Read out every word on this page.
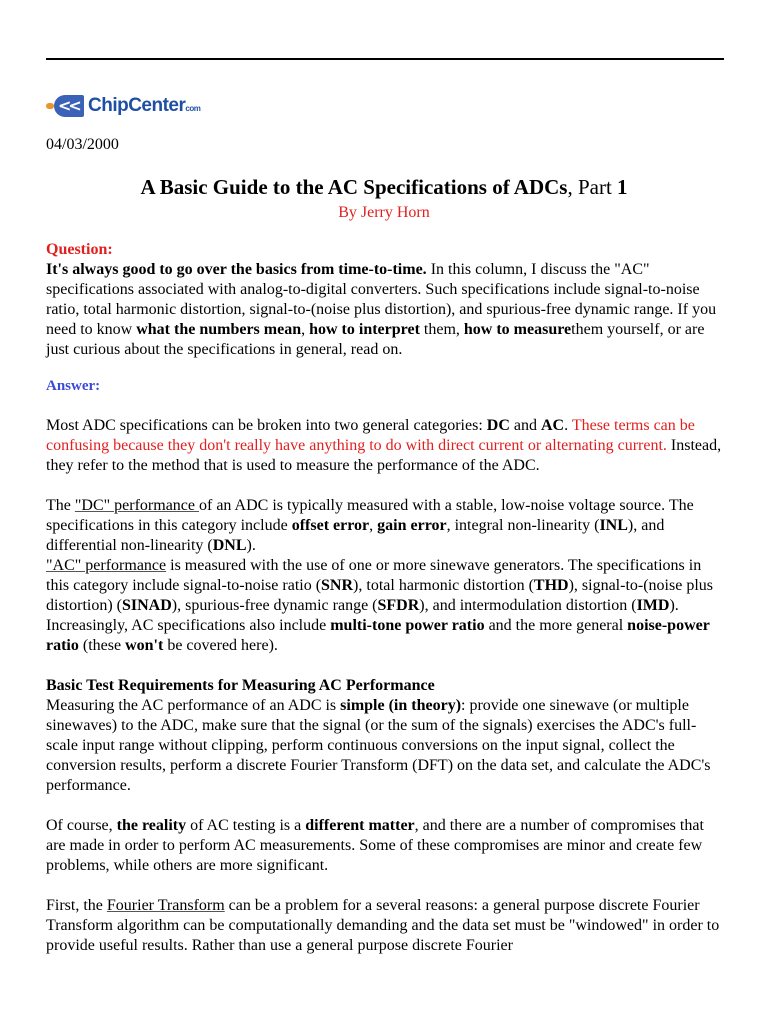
<< ChipCentercom
04/03/2000
A Basic Guide to the AC Specifications of ADCs, Part 1
By Jerry Horn

Question:

It's always good to go over the basics from time-to-time. In this column, I discuss the "AC" specifications associated with analog-to-digital converters. Such specifications include signal-to-noise ratio, total harmonic distortion, signal-to-(noise plus distortion), and spurious-free dynamic range. If you need to know what the numbers mean, how to interpret them, how to measurethem yourself, or are just curious about the specifications in general, read on.

Answer:

Most ADC specifications can be broken into two general categories: DC and AC. These terms can be confusing because they don't really have anything to do with direct current or alternating current. Instead, they refer to the method that is used to measure the performance of the ADC.

The "DC" performance of an ADC is typically measured with a stable, low-noise voltage source. The specifications in this category include offset error, gain error, integral non-linearity (INL), and differential non-linearity (DNL).

"AC" performance is measured with the use of one or more sinewave generators. The specifications in this category include signal-to-noise ratio (SNR), total harmonic distortion (THD), signal-to-(noise plus distortion) (SINAD), spurious-free dynamic range (SFDR), and intermodulation distortion (IMD).

Increasingly, AC specifications also include multi-tone power ratio and the more general noise-power ratio (these won't be covered here).

Basic Test Requirements for Measuring AC Performance

Measuring the AC performance of an ADC is simple (in theory): provide one sinewave (or multiple sinewaves) to the ADC, make sure that the signal (or the sum of the signals) exercises the ADC's full-scale input range without clipping, perform continuous conversions on the input signal, collect the conversion results, perform a discrete Fourier Transform (DFT) on the data set, and calculate the ADC's performance.

Of course, the reality of AC testing is a different matter, and there are a number of compromises that are made in order to perform AC measurements. Some of these compromises are minor and create few problems, while others are more significant.

First, the Fourier Transform can be a problem for a several reasons: a general purpose discrete Fourier Transform algorithm can be computationally demanding and the data set must be "windowed" in order to provide useful results. Rather than use a general purpose discrete Fourier
